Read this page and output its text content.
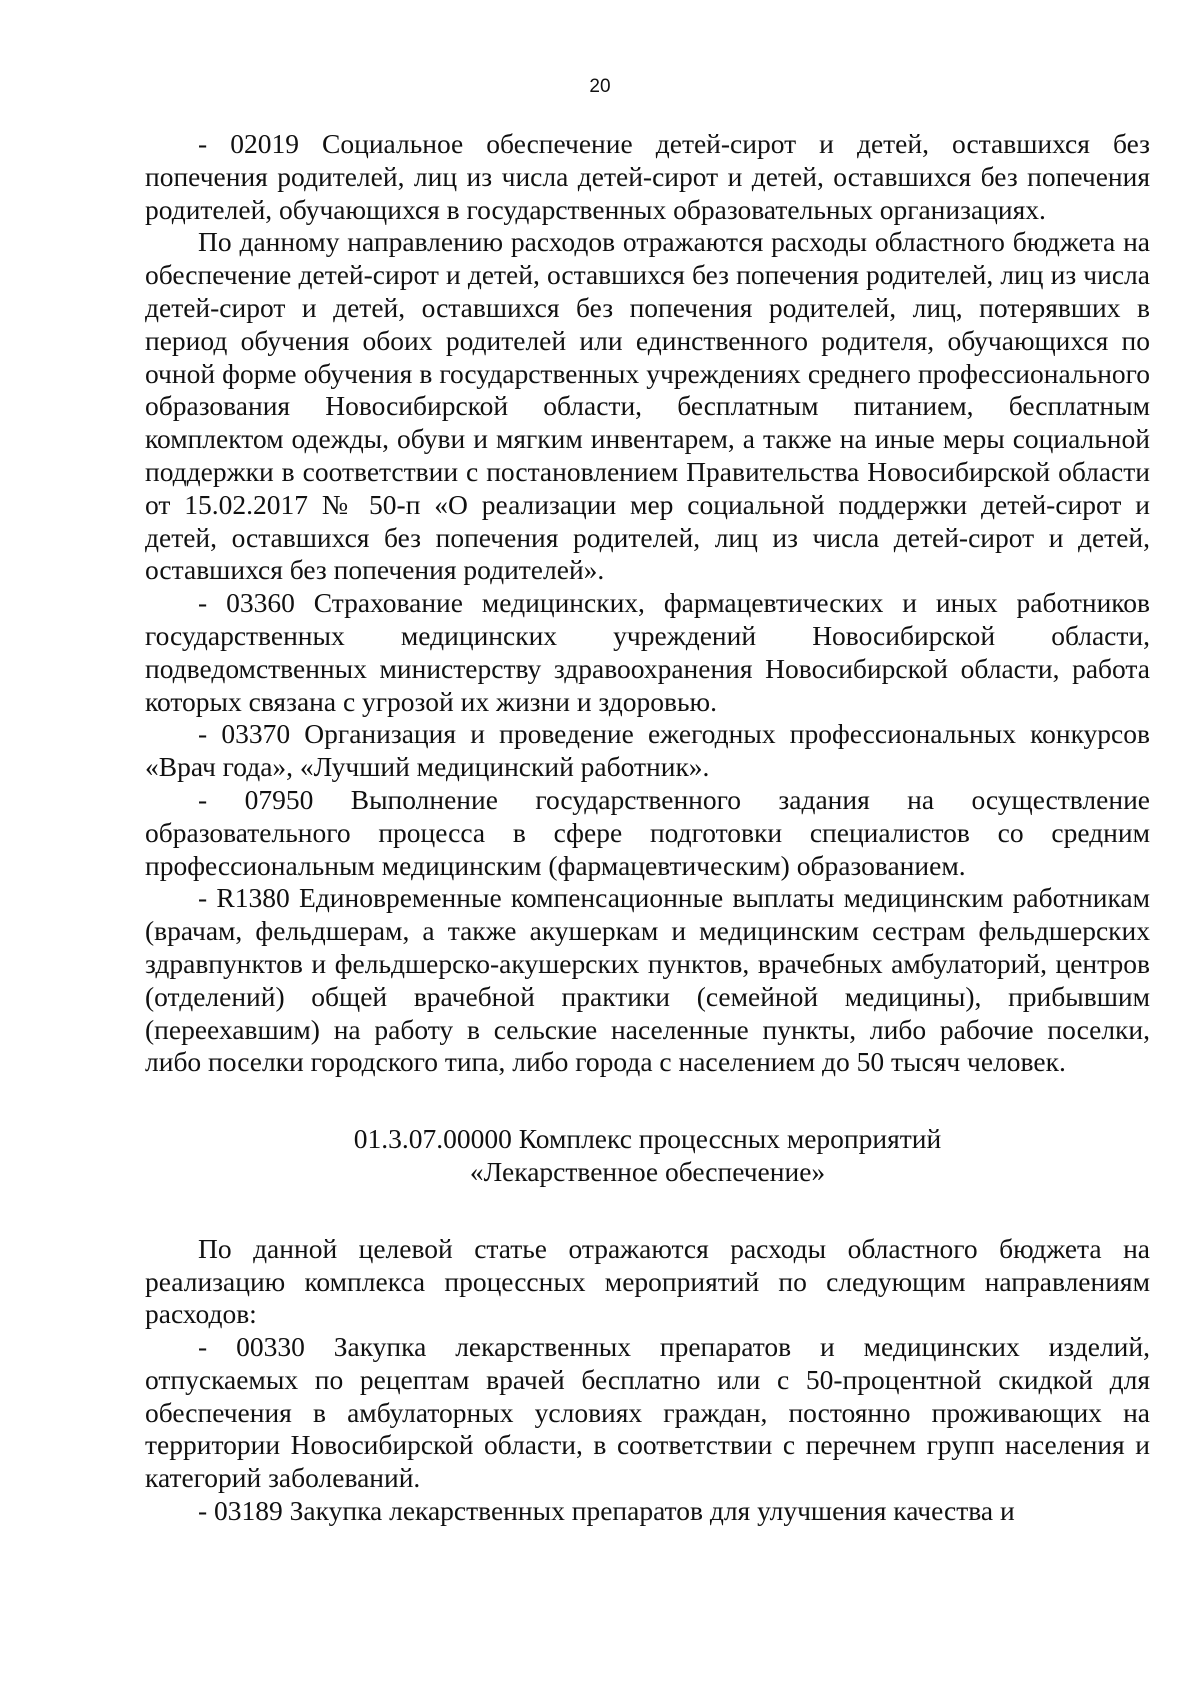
20

- 02019 Социальное обеспечение детей-сирот и детей, оставшихся без попечения родителей, лиц из числа детей-сирот и детей, оставшихся без попечения родителей, обучающихся в государственных образовательных организациях.

По данному направлению расходов отражаются расходы областного бюджета на обеспечение детей-сирот и детей, оставшихся без попечения родителей, лиц из числа детей-сирот и детей, оставшихся без попечения родителей, лиц, потерявших в период обучения обоих родителей или единственного родителя, обучающихся по очной форме обучения в государственных учреждениях среднего профессионального образования Новосибирской области, бесплатным питанием, бесплатным комплектом одежды, обуви и мягким инвентарем, а также на иные меры социальной поддержки в соответствии с постановлением Правительства Новосибирской области от 15.02.2017 № 50-п «О реализации мер социальной поддержки детей-сирот и детей, оставшихся без попечения родителей, лиц из числа детей-сирот и детей, оставшихся без попечения родителей».

- 03360 Страхование медицинских, фармацевтических и иных работников государственных медицинских учреждений Новосибирской области, подведомственных министерству здравоохранения Новосибирской области, работа которых связана с угрозой их жизни и здоровью.

- 03370 Организация и проведение ежегодных профессиональных конкурсов «Врач года», «Лучший медицинский работник».

- 07950 Выполнение государственного задания на осуществление образовательного процесса в сфере подготовки специалистов со средним профессиональным медицинским (фармацевтическим) образованием.

- R1380 Единовременные компенсационные выплаты медицинским работникам (врачам, фельдшерам, а также акушеркам и медицинским сестрам фельдшерских здравпунктов и фельдшерско-акушерских пунктов, врачебных амбулаторий, центров (отделений) общей врачебной практики (семейной медицины), прибывшим (переехавшим) на работу в сельские населенные пункты, либо рабочие поселки, либо поселки городского типа, либо города с населением до 50 тысяч человек.

01.3.07.00000 Комплекс процессных мероприятий
«Лекарственное обеспечение»

По данной целевой статье отражаются расходы областного бюджета на реализацию комплекса процессных мероприятий по следующим направлениям расходов:

- 00330 Закупка лекарственных препаратов и медицинских изделий, отпускаемых по рецептам врачей бесплатно или с 50-процентной скидкой для обеспечения в амбулаторных условиях граждан, постоянно проживающих на территории Новосибирской области, в соответствии с перечнем групп населения и категорий заболеваний.

- 03189 Закупка лекарственных препаратов для улучшения качества и
